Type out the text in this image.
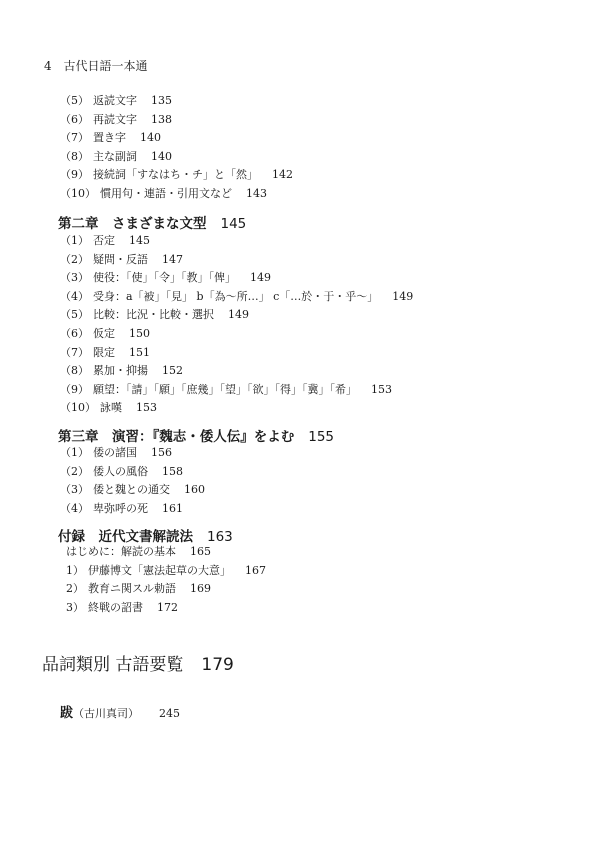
4 古代日語一本通
（5） 返読文字 135
（6） 再読文字 138
（7） 置き字 140
（8） 主な副詞 140
（9） 接続詞「すなはち・チ」と「然」 142
（10） 慣用句・連語・引用文など 143
第二章　さまざまな文型 145
（1） 否定 145
（2） 疑問・反語 147
（3） 使役：「使」「令」「教」「俾」 149
（4） 受身：a「被」「見」 b「為～所…」 c「…於・于・乎～」 149
（5） 比較：比況・比較・選択 149
（6） 仮定 150
（7） 限定 151
（8） 累加・抑揚 152
（9） 願望：「請」「願」「庶幾」「望」「欲」「得」「冀」「希」 153
（10） 詠嘆 153
第三章　演習：『魏志・倭人伝』をよむ 155
（1） 倭の諸国 156
（2） 倭人の風俗 158
（3） 倭と魏との通交 160
（4） 卑弥呼の死 161
付録　近代文書解読法 163
はじめに：解読の基本 165
1） 伊藤博文「憲法起草の大意」 167
2） 教育ニ関スル勅語 169
3） 終戦の詔書 172
品詞類別 古語要覧 179
跋（古川真司） 245
